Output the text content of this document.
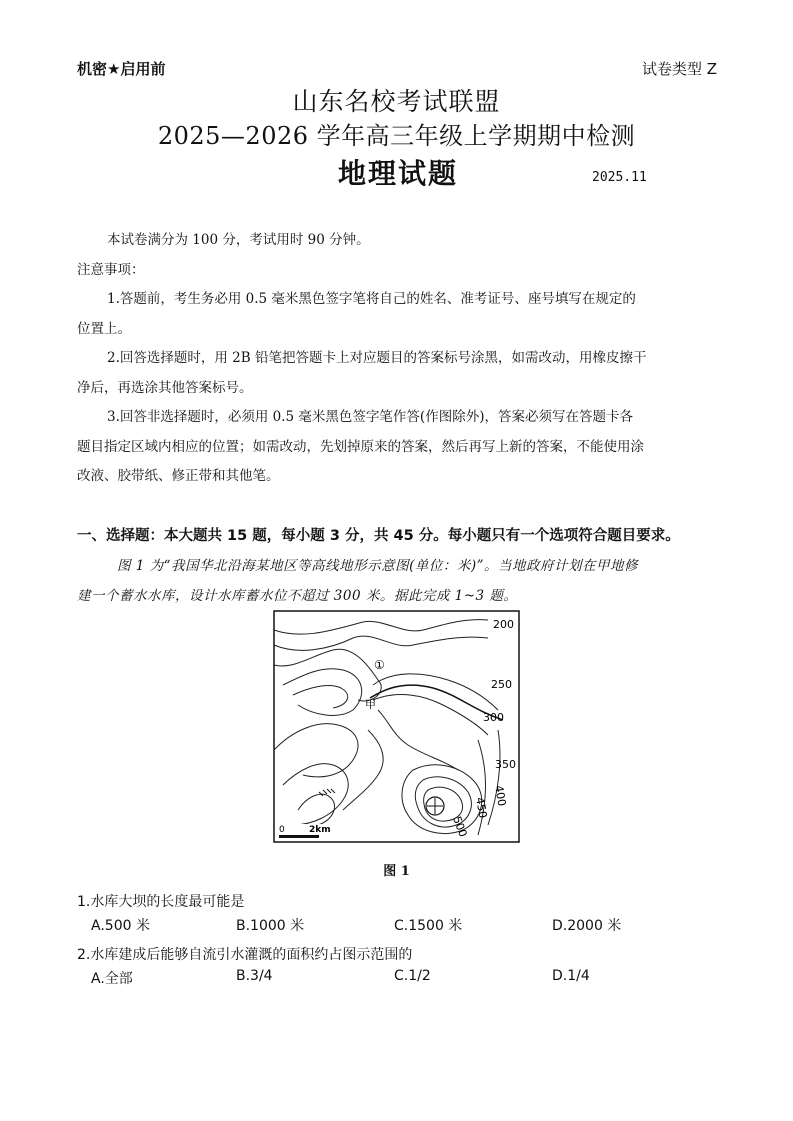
机密★启用前	试卷类型 Z
山东名校考试联盟
2025—2026 学年高三年级上学期期中检测
地理试题	2025.11
本试卷满分为 100 分，考试用时 90 分钟。
注意事项：
1.答题前，考生务必用 0.5 毫米黑色签字笔将自己的姓名、准考证号、座号填写在规定的
位置上。
2.回答选择题时，用 2B 铅笔把答题卡上对应题目的答案标号涂黑，如需改动，用橡皮擦干
净后，再选涂其他答案标号。
3.回答非选择题时，必须用 0.5 毫米黑色签字笔作答(作图除外)，答案必须写在答题卡各
题目指定区域内相应的位置；如需改动，先划掉原来的答案，然后再写上新的答案，不能使用涂
改液、胶带纸、修正带和其他笔。
一、选择题：本大题共 15 题，每小题 3 分，共 45 分。每小题只有一个选项符合题目要求。
图 1 为“我国华北沿海某地区等高线地形示意图(单位：米)”。当地政府计划在甲地修
建一个蓄水水库，设计水库蓄水位不超过 300 米。据此完成 1~3 题。
200
250
300
350
400
450
500
甲
①
0	2km
图 1
1.水库大坝的长度最可能是
A.500 米	B.1000 米	C.1500 米	D.2000 米
2.水库建成后能够自流引水灌溉的面积约占图示范围的
A.全部	B.3/4	C.1/2	D.1/4
